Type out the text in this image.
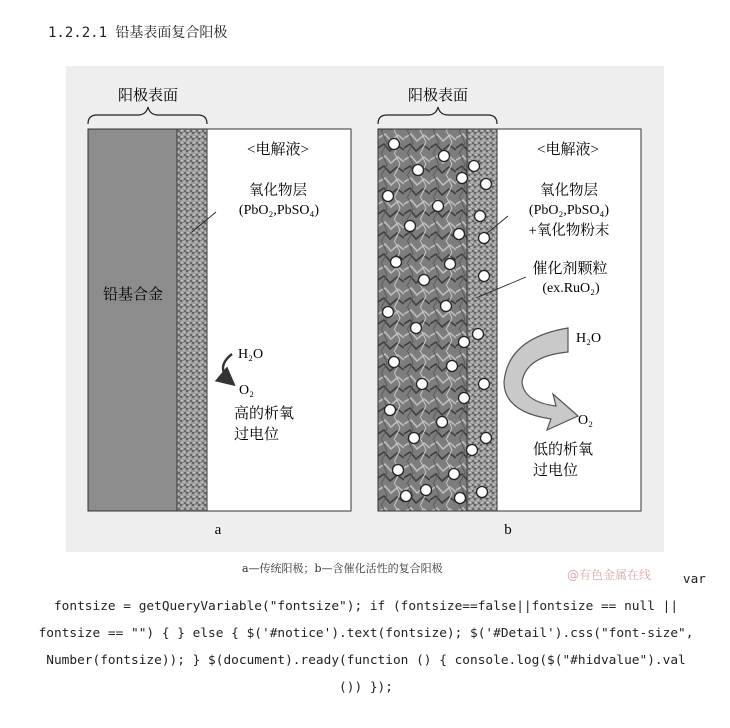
1.2.2.1 铅基表面复合阳极
阳极表面
<电解液>
氧化物层
(PbO₂,PbSO₄)
铅基合金
H₂O
O₂
高的析氧
过电位
a
阳极表面
<电解液>
氧化物层
(PbO₂,PbSO₄)
+氧化物粉末
催化剂颗粒
(ex.RuO₂)
H₂O
O₂
低的析氧
过电位
b
a—传统阳极；b—含催化活性的复合阳极	@有色金属在线	var
fontsize = getQueryVariable("fontsize"); if (fontsize==false||fontsize == null ||
fontsize == "") { } else { $('#notice').text(fontsize); $('#Detail').css("font-size",
Number(fontsize)); } $(document).ready(function () { console.log($("#hidvalue").val
()) });
